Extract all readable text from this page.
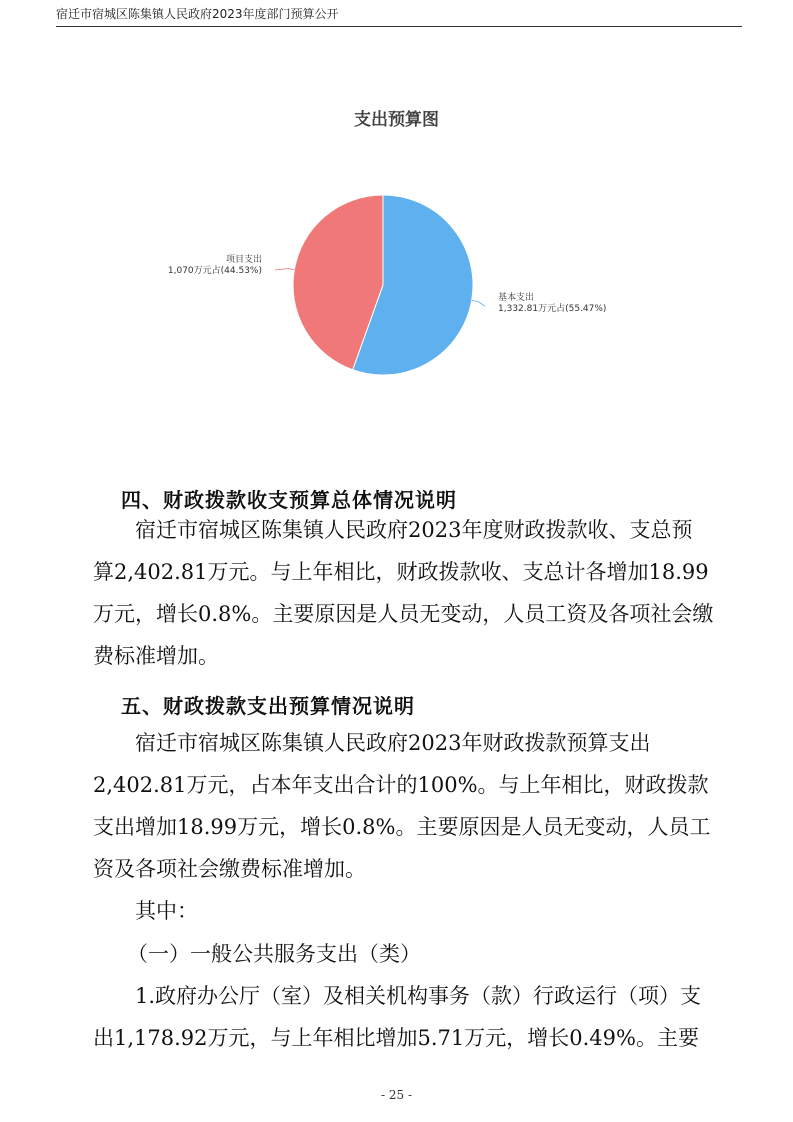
宿迁市宿城区陈集镇人民政府2023年度部门预算公开
支出预算图
基本支出
1,332.81万元占(55.47%)
项目支出
1,070万元占(44.53%)
四、财政拨款收支预算总体情况说明
宿迁市宿城区陈集镇人民政府2023年度财政拨款收、支总预
算2,402.81万元。与上年相比，财政拨款收、支总计各增加18.99
万元，增长0.8%。主要原因是人员无变动，人员工资及各项社会缴
费标准增加。
五、财政拨款支出预算情况说明
宿迁市宿城区陈集镇人民政府2023年财政拨款预算支出
2,402.81万元，占本年支出合计的100%。与上年相比，财政拨款
支出增加18.99万元，增长0.8%。主要原因是人员无变动，人员工
资及各项社会缴费标准增加。
其中：
（一）一般公共服务支出（类）
1.政府办公厅（室）及相关机构事务（款）行政运行（项）支
出1,178.92万元，与上年相比增加5.71万元，增长0.49%。主要
- 25 -
